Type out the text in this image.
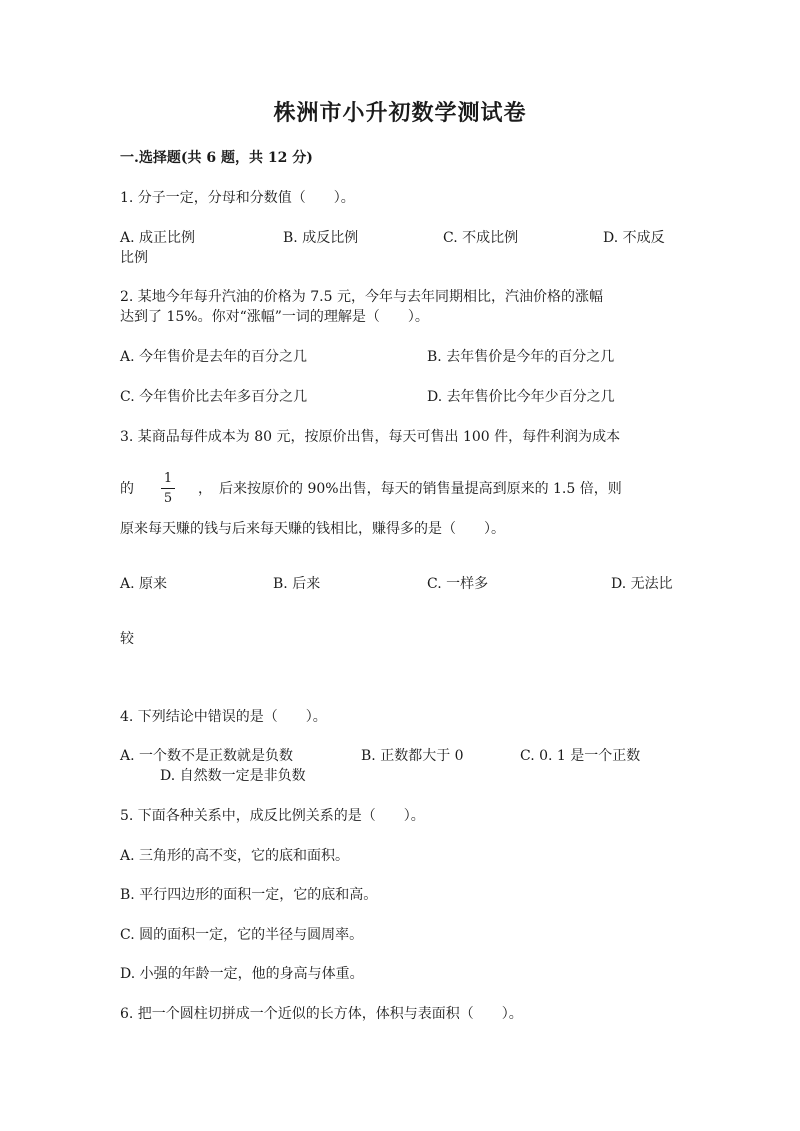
株洲市小升初数学测试卷
一.选择题(共 6 题，共 12 分)
1. 分子一定，分母和分数值（　　）。
A. 成正比例	B. 成反比例	C. 不成比例	D. 不成反
比例
2. 某地今年每升汽油的价格为 7.5 元，今年与去年同期相比，汽油价格的涨幅
达到了 15%。你对“涨幅”一词的理解是（　　）。
A. 今年售价是去年的百分之几	B. 去年售价是今年的百分之几
C. 今年售价比去年多百分之几	D. 去年售价比今年少百分之几
3. 某商品每件成本为 80 元，按原价出售，每天可售出 100 件，每件利润为成本
的
1
5
，　后来按原价的 90%出售，每天的销售量提高到原来的 1.5 倍，则
原来每天赚的钱与后来每天赚的钱相比，赚得多的是（　　）。
A. 原来	B. 后来	C. 一样多	D. 无法比
较
4. 下列结论中错误的是（　　）。
A. 一个数不是正数就是负数	B. 正数都大于 0	C. 0. 1 是一个正数
D. 自然数一定是非负数
5. 下面各种关系中，成反比例关系的是（　　）。
A. 三角形的高不变，它的底和面积。
B. 平行四边形的面积一定，它的底和高。
C. 圆的面积一定，它的半径与圆周率。
D. 小强的年龄一定，他的身高与体重。
6. 把一个圆柱切拼成一个近似的长方体，体积与表面积（　　）。
